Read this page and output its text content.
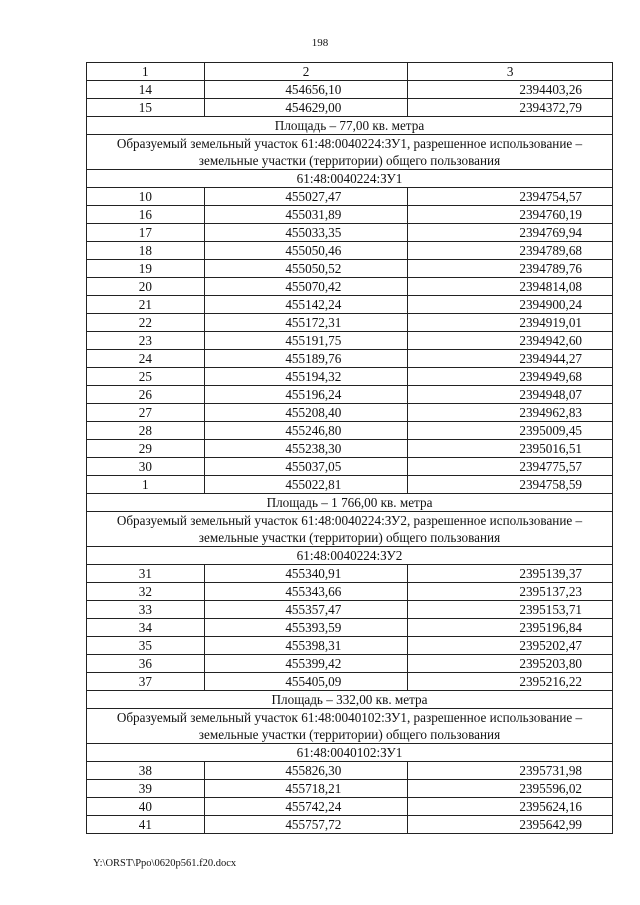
198
1	2	3
14	454656,10	2394403,26
15	454629,00	2394372,79
Площадь – 77,00 кв. метра		
Образуемый земельный участок 61:48:0040224:ЗУ1, разрешенное использование – земельные участки (территории) общего пользования		
61:48:0040224:ЗУ1		
10	455027,47	2394754,57
16	455031,89	2394760,19
17	455033,35	2394769,94
18	455050,46	2394789,68
19	455050,52	2394789,76
20	455070,42	2394814,08
21	455142,24	2394900,24
22	455172,31	2394919,01
23	455191,75	2394942,60
24	455189,76	2394944,27
25	455194,32	2394949,68
26	455196,24	2394948,07
27	455208,40	2394962,83
28	455246,80	2395009,45
29	455238,30	2395016,51
30	455037,05	2394775,57
1	455022,81	2394758,59
Площадь – 1 766,00 кв. метра		
Образуемый земельный участок 61:48:0040224:ЗУ2, разрешенное использование – земельные участки (территории) общего пользования		
61:48:0040224:ЗУ2		
31	455340,91	2395139,37
32	455343,66	2395137,23
33	455357,47	2395153,71
34	455393,59	2395196,84
35	455398,31	2395202,47
36	455399,42	2395203,80
37	455405,09	2395216,22
Площадь – 332,00 кв. метра		
Образуемый земельный участок 61:48:0040102:ЗУ1, разрешенное использование – земельные участки (территории) общего пользования		
61:48:0040102:ЗУ1		
38	455826,30	2395731,98
39	455718,21	2395596,02
40	455742,24	2395624,16
41	455757,72	2395642,99
Y:\ORST\Ppo\0620p561.f20.docx
